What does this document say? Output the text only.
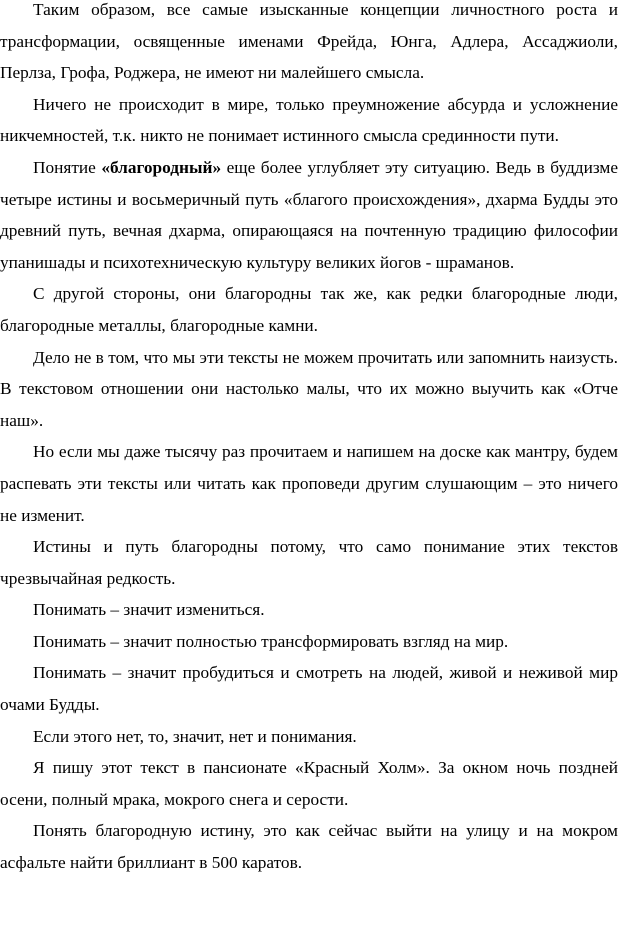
Таким образом, все самые изысканные концепции личностного роста и трансформации, освященные именами Фрейда, Юнга, Адлера, Ассаджиоли, Перлза, Грофа, Роджера, не имеют ни малейшего смысла.

Ничего не происходит в мире, только преумножение абсурда и усложнение никчемностей, т.к. никто не понимает истинного смысла срединности пути.

Понятие «благородный» еще более углубляет эту ситуацию. Ведь в буддизме четыре истины и восьмеричный путь «благого происхождения», дхарма Будды это древний путь, вечная дхарма, опирающаяся на почтенную традицию философии упанишады и психотехническую культуру великих йогов - шраманов.

С другой стороны, они благородны так же, как редки благородные люди, благородные металлы, благородные камни.

Дело не в том, что мы эти тексты не можем прочитать или запомнить наизусть. В текстовом отношении они настолько малы, что их можно выучить как «Отче наш».

Но если мы даже тысячу раз прочитаем и напишем на доске как мантру, будем распевать эти тексты или читать как проповеди другим слушающим – это ничего не изменит.

Истины и путь благородны потому, что само понимание этих текстов чрезвычайная редкость.

Понимать – значит измениться.

Понимать – значит полностью трансформировать взгляд на мир.

Понимать – значит пробудиться и смотреть на людей, живой и неживой мир очами Будды.

Если этого нет, то, значит, нет и понимания.

Я пишу этот текст в пансионате «Красный Холм». За окном ночь поздней осени, полный мрака, мокрого снега и серости.

Понять благородную истину, это как сейчас выйти на улицу и на мокром асфальте найти бриллиант в 500 каратов.
